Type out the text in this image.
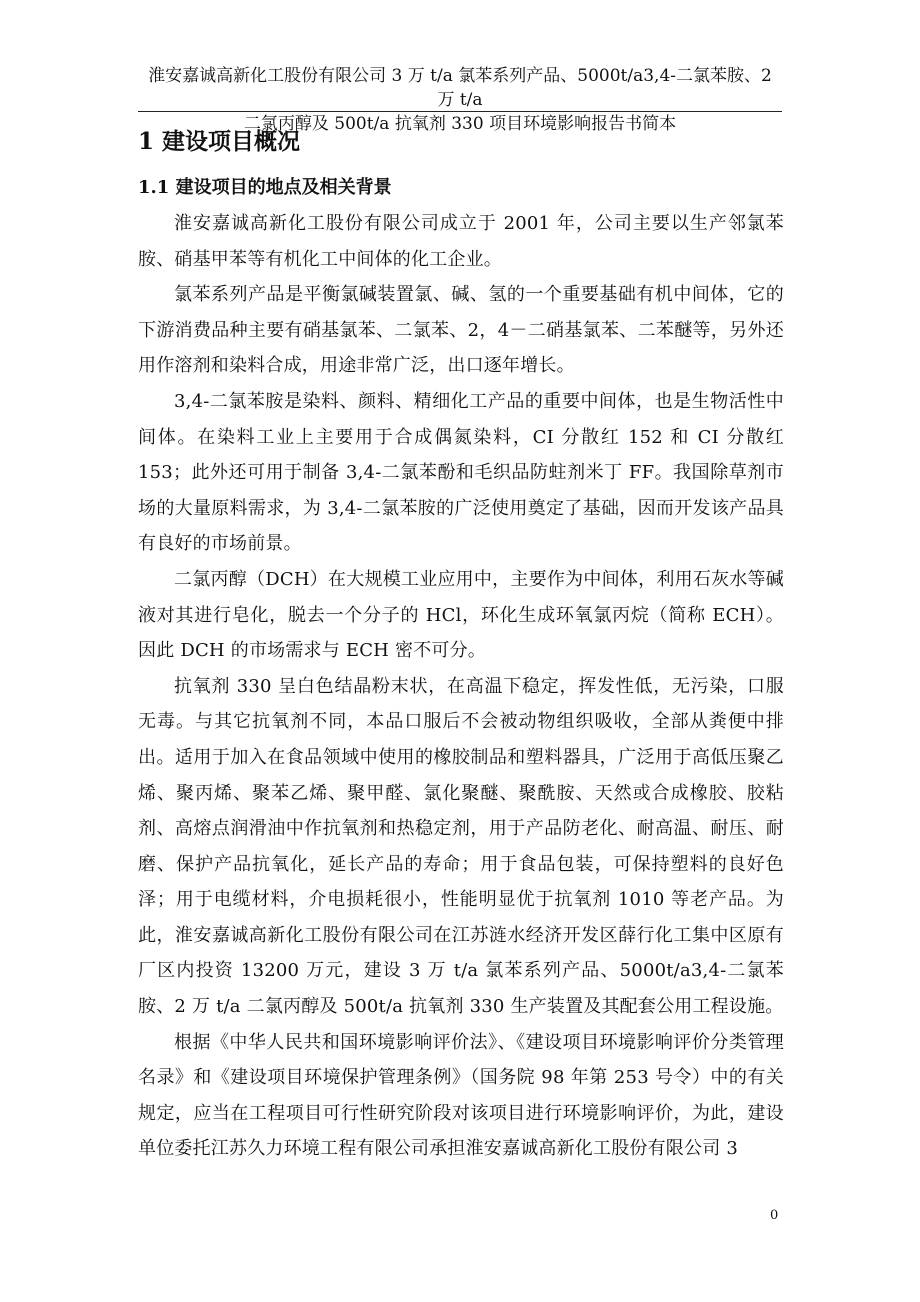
淮安嘉诚高新化工股份有限公司 3 万 t/a 氯苯系列产品、5000t/a3,4-二氯苯胺、2 万 t/a
二氯丙醇及 500t/a 抗氧剂 330 项目环境影响报告书简本
1 建设项目概况
1.1 建设项目的地点及相关背景

淮安嘉诚高新化工股份有限公司成立于 2001 年，公司主要以生产邻氯苯胺、硝基甲苯等有机化工中间体的化工企业。

氯苯系列产品是平衡氯碱装置氯、碱、氢的一个重要基础有机中间体，它的下游消费品种主要有硝基氯苯、二氯苯、2，4－二硝基氯苯、二苯醚等，另外还用作溶剂和染料合成，用途非常广泛，出口逐年增长。

3,4-二氯苯胺是染料、颜料、精细化工产品的重要中间体，也是生物活性中间体。在染料工业上主要用于合成偶氮染料，CI 分散红 152 和 CI 分散红 153；此外还可用于制备 3,4-二氯苯酚和毛织品防蛀剂米丁 FF。我国除草剂市场的大量原料需求，为 3,4-二氯苯胺的广泛使用奠定了基础，因而开发该产品具有良好的市场前景。

二氯丙醇（DCH）在大规模工业应用中，主要作为中间体，利用石灰水等碱液对其进行皂化，脱去一个分子的 HCl，环化生成环氧氯丙烷（简称 ECH）。因此 DCH 的市场需求与 ECH 密不可分。

抗氧剂 330 呈白色结晶粉末状，在高温下稳定，挥发性低，无污染，口服无毒。与其它抗氧剂不同，本品口服后不会被动物组织吸收，全部从粪便中排出。适用于加入在食品领域中使用的橡胶制品和塑料器具，广泛用于高低压聚乙烯、聚丙烯、聚苯乙烯、聚甲醛、氯化聚醚、聚酰胺、天然或合成橡胶、胶粘剂、高熔点润滑油中作抗氧剂和热稳定剂，用于产品防老化、耐高温、耐压、耐磨、保护产品抗氧化，延长产品的寿命；用于食品包装，可保持塑料的良好色泽；用于电缆材料，介电损耗很小，性能明显优于抗氧剂 1010 等老产品。为此，淮安嘉诚高新化工股份有限公司在江苏涟水经济开发区薛行化工集中区原有厂区内投资 13200 万元，建设 3 万 t/a 氯苯系列产品、5000t/a3,4-二氯苯胺、2 万 t/a 二氯丙醇及 500t/a 抗氧剂 330 生产装置及其配套公用工程设施。

根据《中华人民共和国环境影响评价法》、《建设项目环境影响评价分类管理名录》和《建设项目环境保护管理条例》（国务院 98 年第 253 号令）中的有关规定，应当在工程项目可行性研究阶段对该项目进行环境影响评价，为此，建设单位委托江苏久力环境工程有限公司承担淮安嘉诚高新化工股份有限公司 3

0
